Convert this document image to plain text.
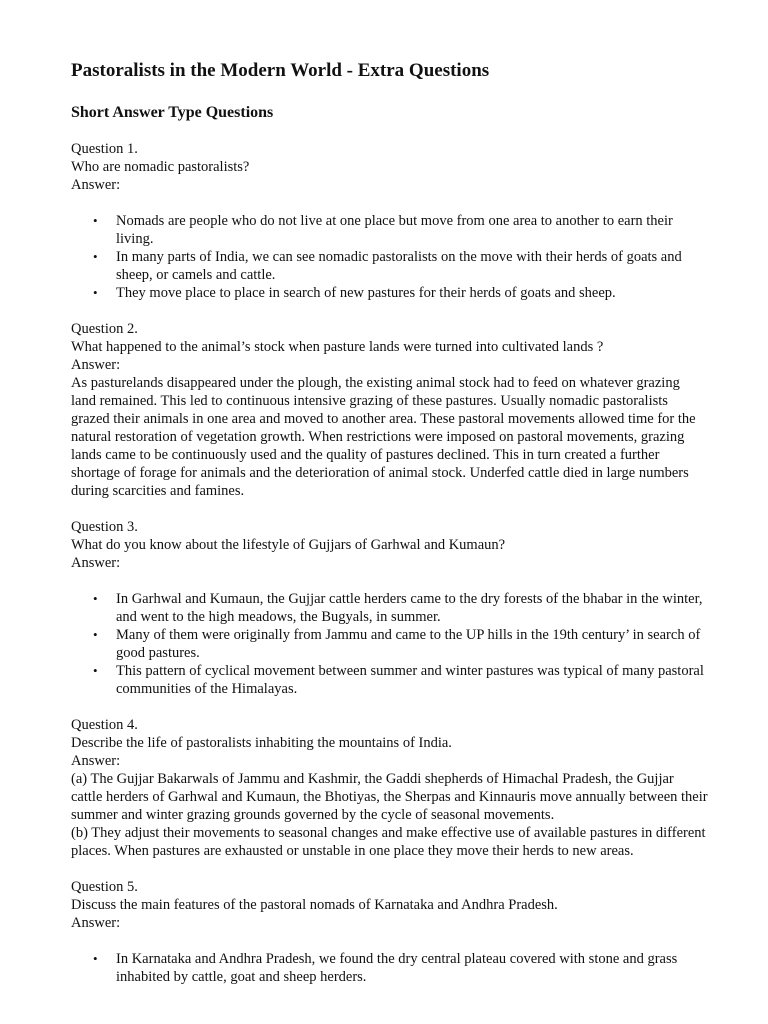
Pastoralists in the Modern World - Extra Questions
Short Answer Type Questions

Question 1.

Who are nomadic pastoralists?

Answer:

• Nomads are people who do not live at one place but move from one area to another to earn their living.
• In many parts of India, we can see nomadic pastoralists on the move with their herds of goats and sheep, or camels and cattle.
• They move place to place in search of new pastures for their herds of goats and sheep.

Question 2.

What happened to the animal’s stock when pasture lands were turned into cultivated lands ?

Answer:

As pasturelands disappeared under the plough, the existing animal stock had to feed on whatever grazing land remained. This led to continuous intensive grazing of these pastures. Usually nomadic pastoralists grazed their animals in one area and moved to another area. These pastoral movements allowed time for the natural restoration of vegetation growth. When restrictions were imposed on pastoral movements, grazing lands came to be continuously used and the quality of pastures declined. This in turn created a further shortage of forage for animals and the deterioration of animal stock. Underfed cattle died in large numbers during scarcities and famines.

Question 3.

What do you know about the lifestyle of Gujjars of Garhwal and Kumaun?

Answer:

• In Garhwal and Kumaun, the Gujjar cattle herders came to the dry forests of the bhabar in the winter, and went to the high meadows, the Bugyals, in summer.
• Many of them were originally from Jammu and came to the UP hills in the 19th century’ in search of good pastures.
• This pattern of cyclical movement between summer and winter pastures was typical of many pastoral communities of the Himalayas.

Question 4.

Describe the life of pastoralists inhabiting the mountains of India.

Answer:

(a) The Gujjar Bakarwals of Jammu and Kashmir, the Gaddi shepherds of Himachal Pradesh, the Gujjar cattle herders of Garhwal and Kumaun, the Bhotiyas, the Sherpas and Kinnauris move annually between their summer and winter grazing grounds governed by the cycle of seasonal movements.

(b) They adjust their movements to seasonal changes and make effective use of available pastures in different places. When pastures are exhausted or unstable in one place they move their herds to new areas.

Question 5.

Discuss the main features of the pastoral nomads of Karnataka and Andhra Pradesh.

Answer:

• In Karnataka and Andhra Pradesh, we found the dry central plateau covered with stone and grass inhabited by cattle, goat and sheep herders.
